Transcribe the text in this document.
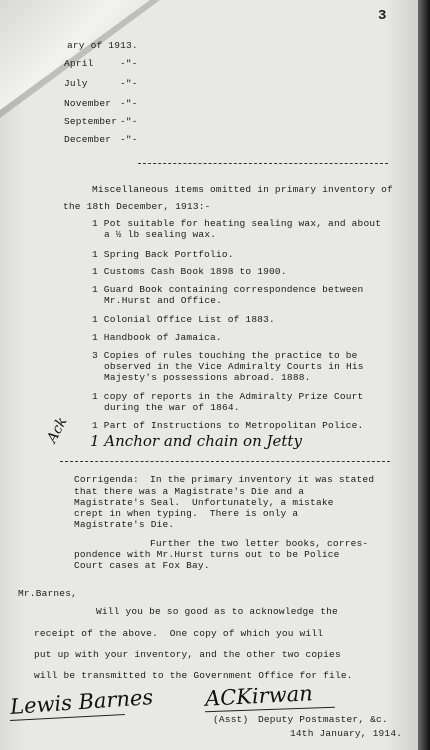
3
ary of 1913.
April	-"-
July	-"-
November -"-
September -"-
December -"-
Miscellaneous items omitted in primary inventory of
the 18th December, 1913:-
1 Pot suitable for heating sealing wax, and about
a ½ lb sealing wax.
1 Spring Back Portfolio.
1 Customs Cash Book 1898 to 1900.
1 Guard Book containing correspondence between
Mr.Hurst and Office.
1 Colonial Office List of 1883.
1 Handbook of Jamaica.
3 Copies of rules touching the practice to be
observed in the Vice Admiralty Courts in His
Majesty's possessions abroad. 1888.
1 copy of reports in the Admiralty Prize Court
during the war of 1864.
1 Part of Instructions to Metropolitan Police.
1 Anchor and chain on Jetty
Ack
Corrigenda: In the primary inventory it was stated
that there was a Magistrate's Die and a
Magistrate's Seal.  Unfortunately, a mistake
crept in when typing.  There is only a
Magistrate's Die.
Further the two letter books, corres-
pondence with Mr.Hurst turns out to be Police
Court cases at Fox Bay.
Mr.Barnes,
Will you be so good as to acknowledge the
receipt of the above.  One copy of which you will
put up with your inventory, and the other two copies
will be transmitted to the Government Office for file.
Lewis Barnes ACKirwan
(Asst) Deputy Postmaster, &c.
14th January, 1914.
